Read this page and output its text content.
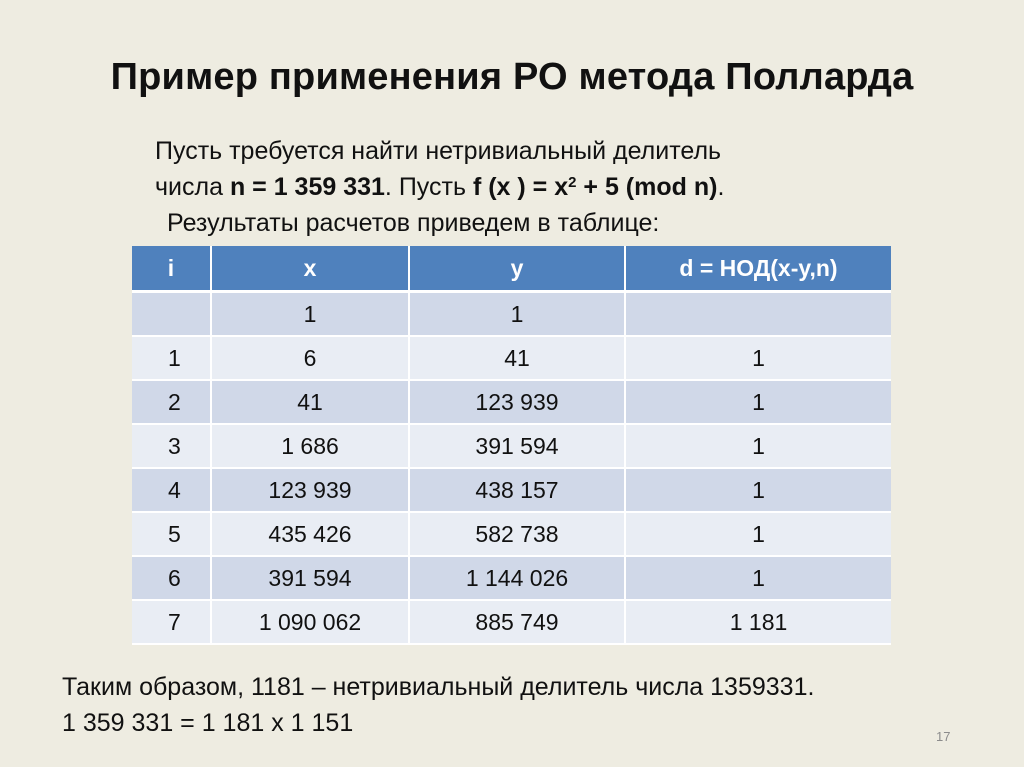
Пример применения РО метода Полларда
Пусть требуется найти нетривиальный делитель
числа n = 1 359 331. Пусть f (x ) = $x^2 + 5$ (mod n).
Результаты расчетов приведем в таблице:
i	x	y	d = НОД(x-y,n)
	1	1	
1	6	41	1
2	41	123 939	1
3	1 686	391 594	1
4	123 939	438 157	1
5	435 426	582 738	1
6	391 594	1 144 026	1
7	1 090 062	885 749	1 181
Таким образом, 1181 – нетривиальный делитель числа 1359331.
1 359 331 = 1 181 x 1 151	17
